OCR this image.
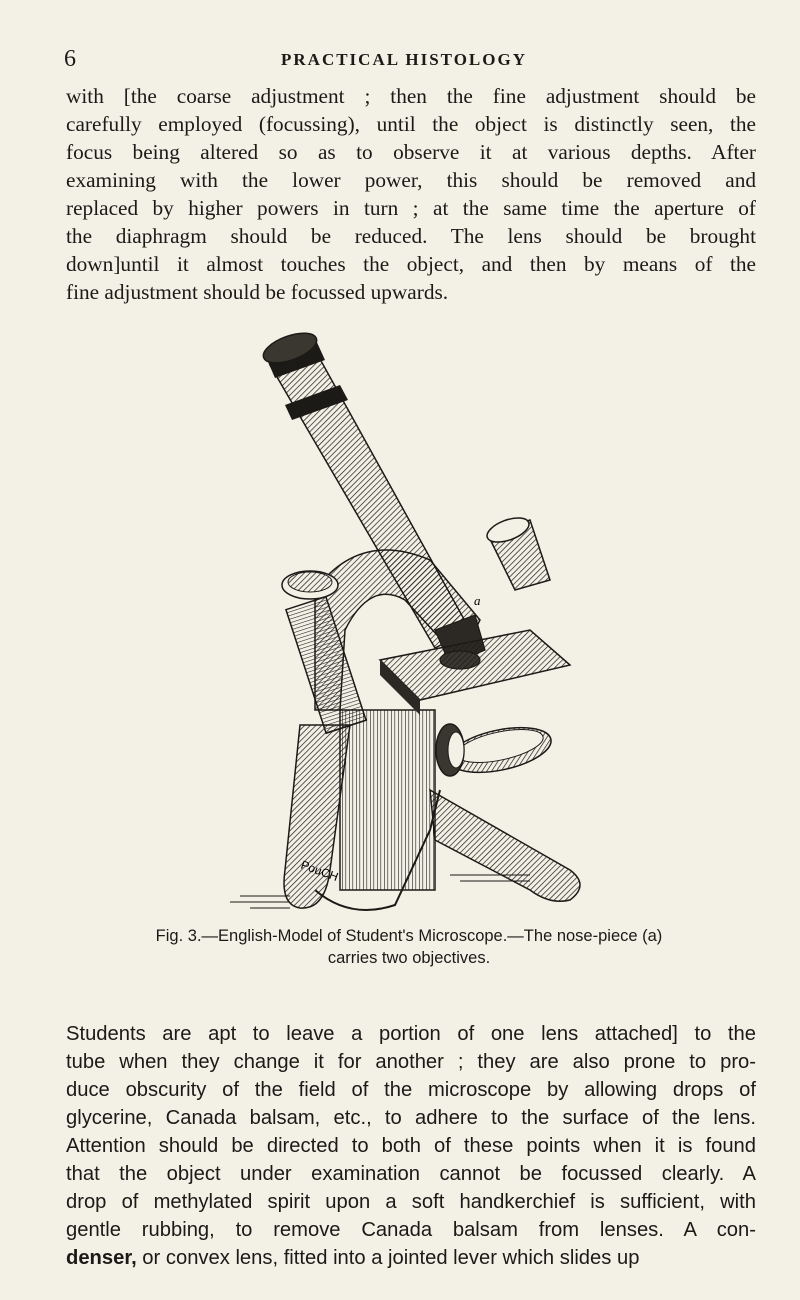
6	PRACTICAL HISTOLOGY

with [the coarse adjustment ; then the fine adjustment should be
carefully employed (focussing), until the object is distinctly seen, the
focus being altered so as to observe it at various depths. After
examining with the lower power, this should be removed and
replaced by higher powers in turn ; at the same time the aperture of
the diaphragm should be reduced. The lens should be brought
down]until it almost touches the object, and then by means of the
fine adjustment should be focussed upwards.

PouCH
a
Fig. 3.—English-Model of Student's Microscope.—The nose-piece (a)
carries two objectives.

Students are apt to leave a portion of one lens attached] to the
tube when they change it for another ; they are also prone to pro-
duce obscurity of the field of the microscope by allowing drops of
glycerine, Canada balsam, etc., to adhere to the surface of the lens.
Attention should be directed to both of these points when it is found
that the object under examination cannot be focussed clearly. A
drop of methylated spirit upon a soft handkerchief is sufficient, with
gentle rubbing, to remove Canada balsam from lenses. A con-
denser, or convex lens, fitted into a jointed lever which slides up
